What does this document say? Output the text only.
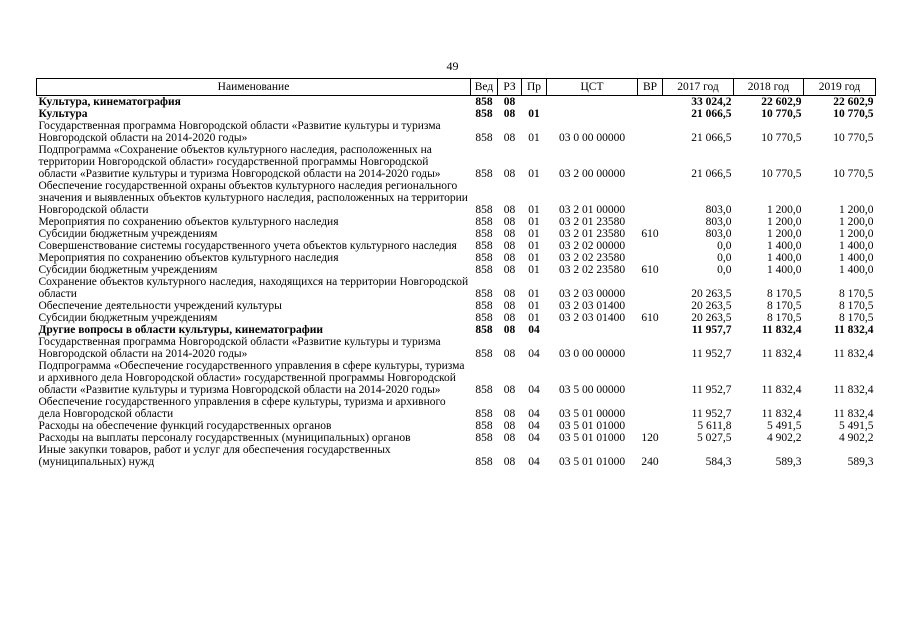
49
Наименование	Вед	РЗ	Пр	ЦСТ	ВР	2017 год	2018 год	2019 год
Культура, кинематография	858	08				33 024,2	22 602,9	22 602,9
Культура	858	08	01			21 066,5	10 770,5	10 770,5
Государственная программа Новгородской области «Развитие культуры и туризма Новгородской области на 2014-2020 годы»	858	08	01	03 0 00 00000		21 066,5	10 770,5	10 770,5
Подпрограмма «Сохранение объектов культурного наследия, расположенных на территории Новгородской области» государственной программы Новгородской области «Развитие культуры и туризма Новгородской области на 2014-2020 годы»	858	08	01	03 2 00 00000		21 066,5	10 770,5	10 770,5
Обеспечение государственной охраны объектов культурного наследия регионального значения и выявленных объектов культурного наследия, расположенных на территории Новгородской области	858	08	01	03 2 01 00000		803,0	1 200,0	1 200,0
Мероприятия по сохранению объектов культурного наследия	858	08	01	03 2 01 23580		803,0	1 200,0	1 200,0
Субсидии бюджетным учреждениям	858	08	01	03 2 01 23580	610	803,0	1 200,0	1 200,0
Совершенствование системы государственного учета объектов культурного наследия	858	08	01	03 2 02 00000		0,0	1 400,0	1 400,0
Мероприятия по сохранению объектов культурного наследия	858	08	01	03 2 02 23580		0,0	1 400,0	1 400,0
Субсидии бюджетным учреждениям	858	08	01	03 2 02 23580	610	0,0	1 400,0	1 400,0
Сохранение объектов культурного наследия, находящихся на территории Новгородской области	858	08	01	03 2 03 00000		20 263,5	8 170,5	8 170,5
Обеспечение деятельности учреждений культуры	858	08	01	03 2 03 01400		20 263,5	8 170,5	8 170,5
Субсидии бюджетным учреждениям	858	08	01	03 2 03 01400	610	20 263,5	8 170,5	8 170,5
Другие вопросы в области культуры, кинематографии	858	08	04			11 957,7	11 832,4	11 832,4
Государственная программа Новгородской области «Развитие культуры и туризма Новгородской области на 2014-2020 годы»	858	08	04	03 0 00 00000		11 952,7	11 832,4	11 832,4
Подпрограмма «Обеспечение государственного управления в сфере культуры, туризма и архивного дела Новгородской области» государственной программы Новгородской области «Развитие культуры и туризма Новгородской области на 2014-2020 годы»	858	08	04	03 5 00 00000		11 952,7	11 832,4	11 832,4
Обеспечение государственного управления в сфере культуры, туризма и архивного дела Новгородской области	858	08	04	03 5 01 00000		11 952,7	11 832,4	11 832,4
Расходы на обеспечение функций государственных органов	858	08	04	03 5 01 01000		5 611,8	5 491,5	5 491,5
Расходы на выплаты персоналу государственных (муниципальных) органов	858	08	04	03 5 01 01000	120	5 027,5	4 902,2	4 902,2
Иные закупки товаров, работ и услуг для обеспечения государственных (муниципальных) нужд	858	08	04	03 5 01 01000	240	584,3	589,3	589,3
